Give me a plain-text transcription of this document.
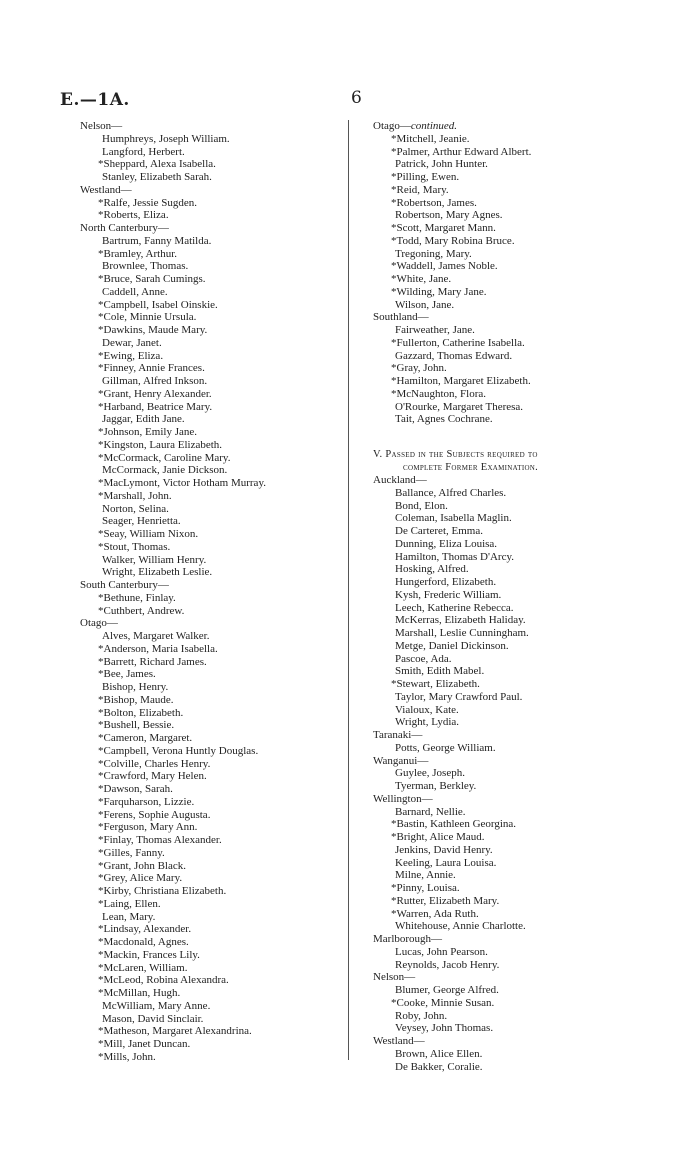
E.—1A.	6
Nelson—
Humphreys, Joseph William.
Langford, Herbert.
*Sheppard, Alexa Isabella.
Stanley, Elizabeth Sarah.
Westland—
*Ralfe, Jessie Sugden.
*Roberts, Eliza.
North Canterbury—
Bartrum, Fanny Matilda.
*Bramley, Arthur.
Brownlee, Thomas.
*Bruce, Sarah Cumings.
Caddell, Anne.
*Campbell, Isabel Oinskie.
*Cole, Minnie Ursula.
*Dawkins, Maude Mary.
Dewar, Janet.
*Ewing, Eliza.
*Finney, Annie Frances.
Gillman, Alfred Inkson.
*Grant, Henry Alexander.
*Harband, Beatrice Mary.
Jaggar, Edith Jane.
*Johnson, Emily Jane.
*Kingston, Laura Elizabeth.
*McCormack, Caroline Mary.
McCormack, Janie Dickson.
*MacLymont, Victor Hotham Murray.
*Marshall, John.
Norton, Selina.
Seager, Henrietta.
*Seay, William Nixon.
*Stout, Thomas.
Walker, William Henry.
Wright, Elizabeth Leslie.
South Canterbury—
*Bethune, Finlay.
*Cuthbert, Andrew.
Otago—
Alves, Margaret Walker.
*Anderson, Maria Isabella.
*Barrett, Richard James.
*Bee, James.
Bishop, Henry.
*Bishop, Maude.
*Bolton, Elizabeth.
*Bushell, Bessie.
*Cameron, Margaret.
*Campbell, Verona Huntly Douglas.
*Colville, Charles Henry.
*Crawford, Mary Helen.
*Dawson, Sarah.
*Farquharson, Lizzie.
*Ferens, Sophie Augusta.
*Ferguson, Mary Ann.
*Finlay, Thomas Alexander.
*Gilles, Fanny.
*Grant, John Black.
*Grey, Alice Mary.
*Kirby, Christiana Elizabeth.
*Laing, Ellen.
Lean, Mary.
*Lindsay, Alexander.
*Macdonald, Agnes.
*Mackin, Frances Lily.
*McLaren, William.
*McLeod, Robina Alexandra.
*McMillan, Hugh.
McWilliam, Mary Anne.
Mason, David Sinclair.
*Matheson, Margaret Alexandrina.
*Mill, Janet Duncan.
*Mills, John.
Otago—continued.
*Mitchell, Jeanie.
*Palmer, Arthur Edward Albert.
Patrick, John Hunter.
*Pilling, Ewen.
*Reid, Mary.
*Robertson, James.
Robertson, Mary Agnes.
*Scott, Margaret Mann.
*Todd, Mary Robina Bruce.
Tregoning, Mary.
*Waddell, James Noble.
*White, Jane.
*Wilding, Mary Jane.
Wilson, Jane.
Southland—
Fairweather, Jane.
*Fullerton, Catherine Isabella.
Gazzard, Thomas Edward.
*Gray, John.
*Hamilton, Margaret Elizabeth.
*McNaughton, Flora.
O'Rourke, Margaret Theresa.
Tait, Agnes Cochrane.
V. Passed in the Subjects required to
complete Former Examination.
Auckland—
Ballance, Alfred Charles.
Bond, Elon.
Coleman, Isabella Maglin.
De Carteret, Emma.
Dunning, Eliza Louisa.
Hamilton, Thomas D'Arcy.
Hosking, Alfred.
Hungerford, Elizabeth.
Kysh, Frederic William.
Leech, Katherine Rebecca.
McKerras, Elizabeth Haliday.
Marshall, Leslie Cunningham.
Metge, Daniel Dickinson.
Pascoe, Ada.
Smith, Edith Mabel.
*Stewart, Elizabeth.
Taylor, Mary Crawford Paul.
Vialoux, Kate.
Wright, Lydia.
Taranaki—
Potts, George William.
Wanganui—
Guylee, Joseph.
Tyerman, Berkley.
Wellington—
Barnard, Nellie.
*Bastin, Kathleen Georgina.
*Bright, Alice Maud.
Jenkins, David Henry.
Keeling, Laura Louisa.
Milne, Annie.
*Pinny, Louisa.
*Rutter, Elizabeth Mary.
*Warren, Ada Ruth.
Whitehouse, Annie Charlotte.
Marlborough—
Lucas, John Pearson.
Reynolds, Jacob Henry.
Nelson—
Blumer, George Alfred.
*Cooke, Minnie Susan.
Roby, John.
Veysey, John Thomas.
Westland—
Brown, Alice Ellen.
De Bakker, Coralie.
